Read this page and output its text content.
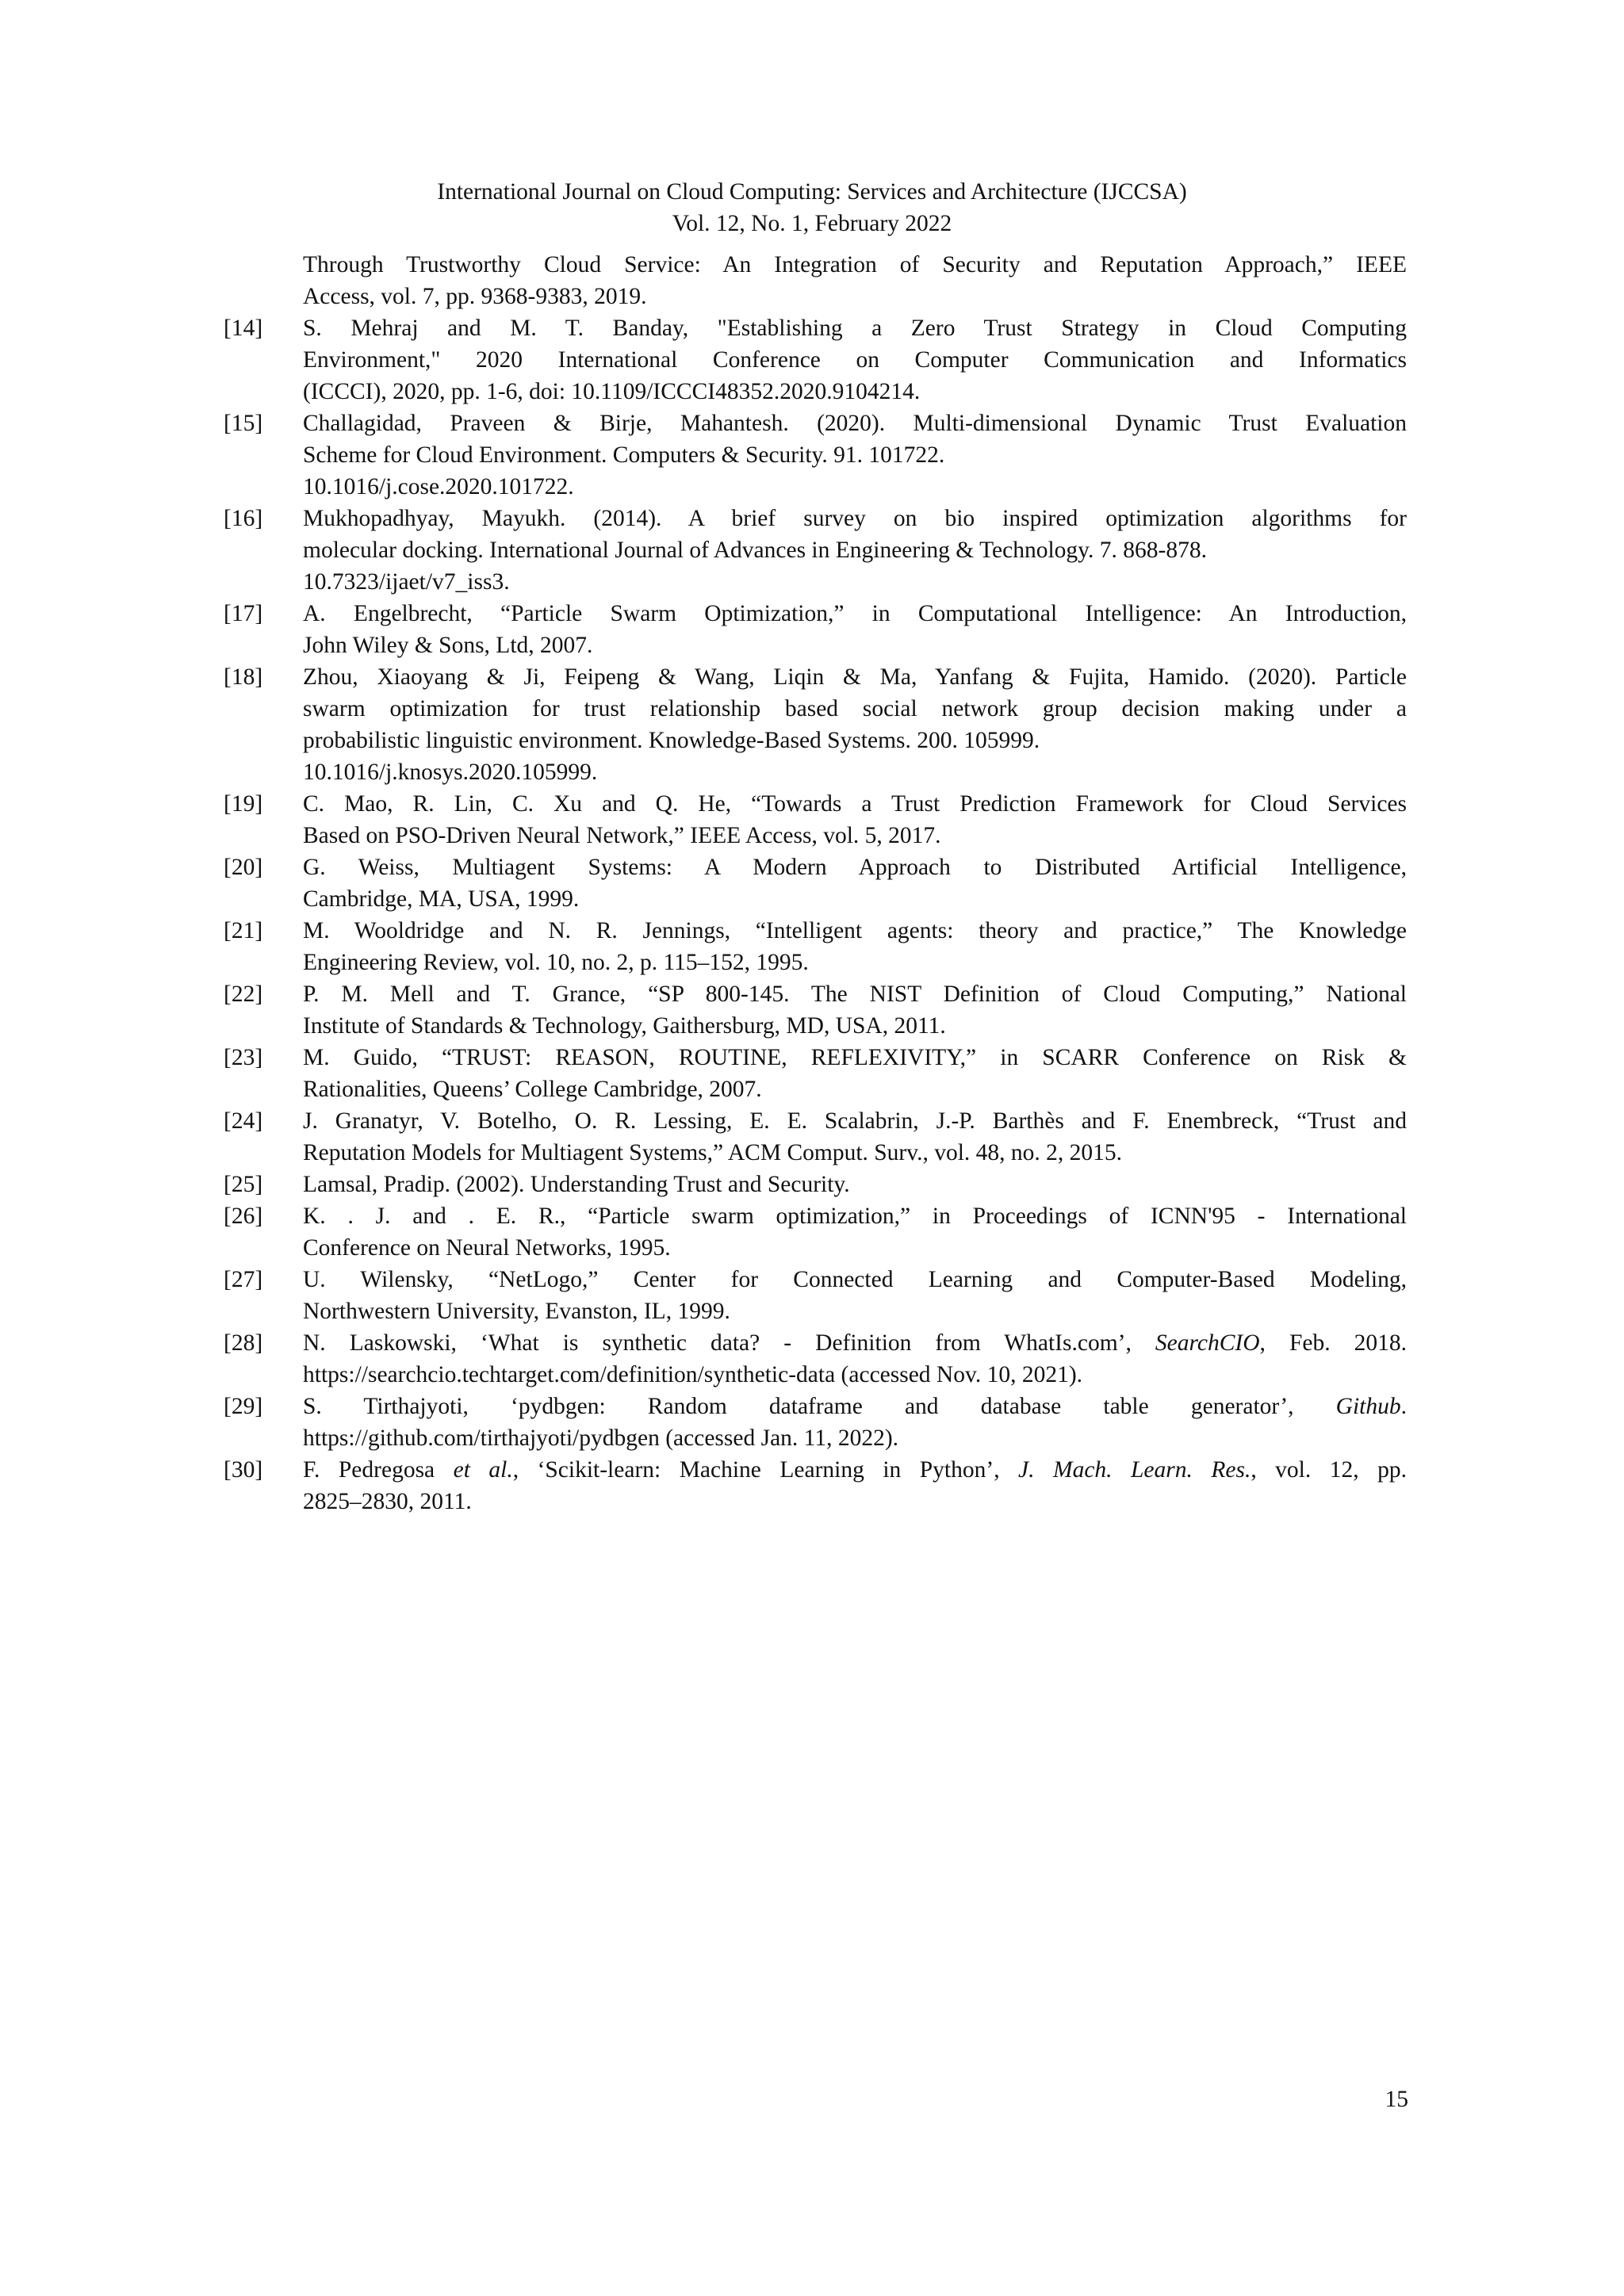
International Journal on Cloud Computing: Services and Architecture (IJCCSA)
Vol. 12, No. 1, February 2022
Through Trustworthy Cloud Service: An Integration of Security and Reputation Approach,” IEEE
Access, vol. 7, pp. 9368-9383, 2019.
[14] S. Mehraj and M. T. Banday, "Establishing a Zero Trust Strategy in Cloud Computing
Environment," 2020 International Conference on Computer Communication and Informatics
(ICCCI), 2020, pp. 1-6, doi: 10.1109/ICCCI48352.2020.9104214.
[15] Challagidad, Praveen & Birje, Mahantesh. (2020). Multi-dimensional Dynamic Trust Evaluation
Scheme for Cloud Environment. Computers & Security. 91. 101722.
10.1016/j.cose.2020.101722.
[16] Mukhopadhyay, Mayukh. (2014). A brief survey on bio inspired optimization algorithms for
molecular docking. International Journal of Advances in Engineering & Technology. 7. 868-878.
10.7323/ijaet/v7_iss3.
[17] A. Engelbrecht, “Particle Swarm Optimization,” in Computational Intelligence: An Introduction,
John Wiley & Sons, Ltd, 2007.
[18] Zhou, Xiaoyang & Ji, Feipeng & Wang, Liqin & Ma, Yanfang & Fujita, Hamido. (2020). Particle
swarm optimization for trust relationship based social network group decision making under a
probabilistic linguistic environment. Knowledge-Based Systems. 200. 105999.
10.1016/j.knosys.2020.105999.
[19] C. Mao, R. Lin, C. Xu and Q. He, “Towards a Trust Prediction Framework for Cloud Services
Based on PSO-Driven Neural Network,” IEEE Access, vol. 5, 2017.
[20] G. Weiss, Multiagent Systems: A Modern Approach to Distributed Artificial Intelligence,
Cambridge, MA, USA, 1999.
[21] M. Wooldridge and N. R. Jennings, “Intelligent agents: theory and practice,” The Knowledge
Engineering Review, vol. 10, no. 2, p. 115–152, 1995.
[22] P. M. Mell and T. Grance, “SP 800-145. The NIST Definition of Cloud Computing,” National
Institute of Standards & Technology, Gaithersburg, MD, USA, 2011.
[23] M. Guido, “TRUST: REASON, ROUTINE, REFLEXIVITY,” in SCARR Conference on Risk &
Rationalities, Queens’ College Cambridge, 2007.
[24] J. Granatyr, V. Botelho, O. R. Lessing, E. E. Scalabrin, J.-P. Barthès and F. Enembreck, “Trust and
Reputation Models for Multiagent Systems,” ACM Comput. Surv., vol. 48, no. 2, 2015.
[25] Lamsal, Pradip. (2002). Understanding Trust and Security.
[26] K. . J. and . E. R., “Particle swarm optimization,” in Proceedings of ICNN'95 - International
Conference on Neural Networks, 1995.
[27] U. Wilensky, “NetLogo,” Center for Connected Learning and Computer-Based Modeling,
Northwestern University, Evanston, IL, 1999.
[28] N. Laskowski, ‘What is synthetic data? - Definition from WhatIs.com’, SearchCIO, Feb. 2018.
https://searchcio.techtarget.com/definition/synthetic-data (accessed Nov. 10, 2021).
[29] S. Tirthajyoti, ‘pydbgen: Random dataframe and database table generator’, Github.
https://github.com/tirthajyoti/pydbgen (accessed Jan. 11, 2022).
[30] F. Pedregosa et al., ‘Scikit-learn: Machine Learning in Python’, J. Mach. Learn. Res., vol. 12, pp.
2825–2830, 2011.
15
